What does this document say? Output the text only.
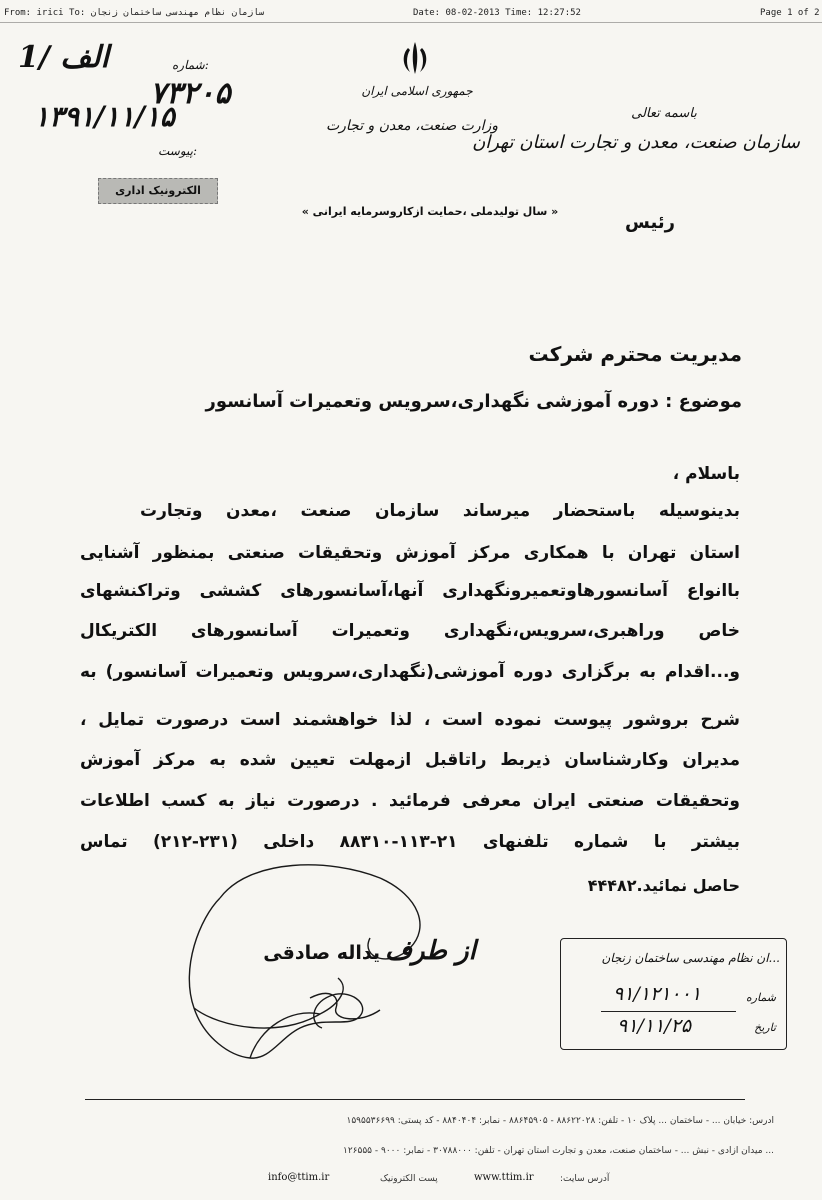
From: irici To: سازمان نظام مهندسی ساختمان زنجان	Date: 08-02-2013 Time: 12:27:52	Page 1 of 2
1/ الف	شماره:
۷۳۲۰۵
۱۳۹۱/۱۱/۱۵
پیوست:
الکترونیک اداری
جمهوری اسلامی ایران
وزارت صنعت، معدن و تجارت
باسمه تعالی
سازمان صنعت، معدن و تجارت استان تهران
« سال تولیدملی ،حمایت ازکاروسرمایه ایرانی »
رئیس
مدیریت محترم شرکت
موضوع : دوره آموزشی نگهداری،سرویس وتعمیرات آسانسور
باسلام ،
بدینوسیله باستحضار میرساند سازمان صنعت ،معدن وتجارت
استان تهران با همکاری مرکز آموزش وتحقیقات صنعتی بمنظور آشنایی
باانواع آسانسورهاوتعمیرونگهداری آنها،آسانسورهای کششی وتراکنشهای
خاص وراهبری،سرویس،نگهداری وتعمیرات آسانسورهای الکتریکال
و...اقدام به برگزاری دوره آموزشی(نگهداری،سرویس وتعمیرات آسانسور) به
شرح بروشور پیوست نموده است ، لذا خواهشمند است درصورت تمایل ،
مدیران وکارشناسان ذیربط راتاقبل ازمهلت تعیین شده به مرکز آموزش
وتحقیقات صنعتی ایران معرفی فرمائید . درصورت نیاز به کسب اطلاعات
بیشتر با شماره تلفنهای ۲۱-۱۱۳-۸۸۳۱۰ داخلی (۲۳۱-۲۱۲) تماس
حاصل نمائید.۴۴۴۸۲
از طرف
یداله صادقی	...ان نظام مهندسی ساختمان زنجان
شماره
۹۱/۱۲۱۰۰۱
تاریخ
۹۱/۱۱/۲۵
آدرس: خیابان ... - ساختمان ... پلاک ۱۰ - تلفن: ۸۸۶۲۲۰۲۸ - ۸۸۶۴۵۹۰۵ - نمابر: ۸۸۴۰۴۰۴ - کد پستی: ۱۵۹۵۵۳۶۶۹۹
... میدان آزادی - نبش ... - ساختمان صنعت، معدن و تجارت استان تهران - تلفن: ۳۰۷۸۸۰۰۰ - نمابر: ۹۰۰۰ - ۱۲۶۵۵۵
آدرس سایت:
www.ttim.ir
پست الکترونیک
info@ttim.ir
